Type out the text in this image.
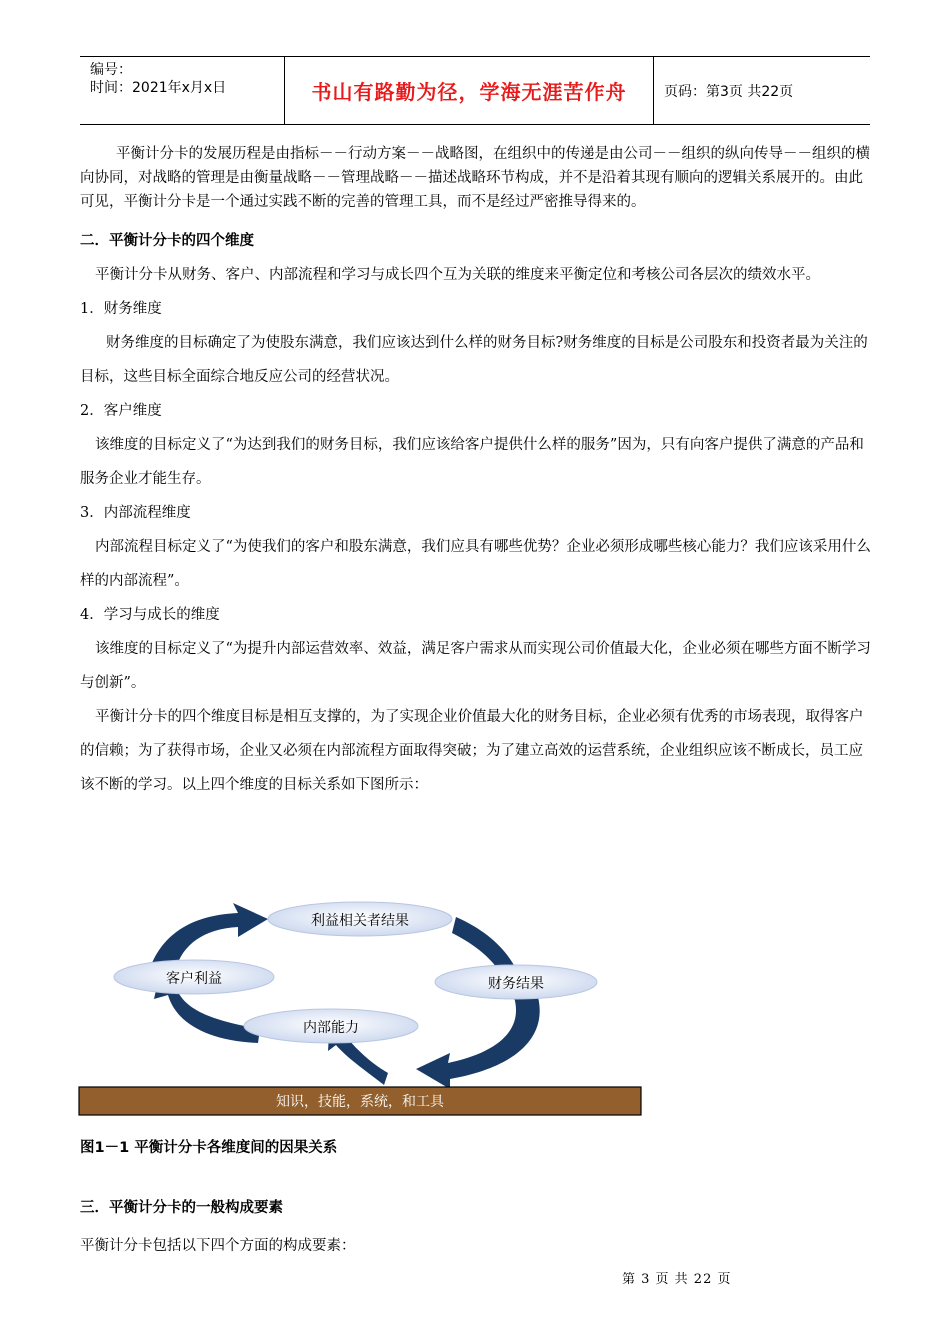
编号：
时间：2021年x月x日	书山有路勤为径，学海无涯苦作舟	页码：第3页 共22页

平衡计分卡的发展历程是由指标－－行动方案－－战略图，在组织中的传递是由公司－－组织的纵向传导－－组织的横向协同，对战略的管理是由衡量战略－－管理战略－－描述战略环节构成，并不是沿着其现有顺向的逻辑关系展开的。由此可见，平衡计分卡是一个通过实践不断的完善的管理工具，而不是经过严密推导得来的。

二．平衡计分卡的四个维度

平衡计分卡从财务、客户、内部流程和学习与成长四个互为关联的维度来平衡定位和考核公司各层次的绩效水平。

1．财务维度

财务维度的目标确定了为使股东满意，我们应该达到什么样的财务目标?财务维度的目标是公司股东和投资者最为关注的目标，这些目标全面综合地反应公司的经营状况。

2．客户维度

该维度的目标定义了“为达到我们的财务目标，我们应该给客户提供什么样的服务”因为，只有向客户提供了满意的产品和服务企业才能生存。

3．内部流程维度

内部流程目标定义了“为使我们的客户和股东满意，我们应具有哪些优势？企业必须形成哪些核心能力？我们应该采用什么样的内部流程”。

4．学习与成长的维度

该维度的目标定义了“为提升内部运营效率、效益，满足客户需求从而实现公司价值最大化，企业必须在哪些方面不断学习与创新”。

平衡计分卡的四个维度目标是相互支撑的，为了实现企业价值最大化的财务目标，企业必须有优秀的市场表现，取得客户的信赖；为了获得市场，企业又必须在内部流程方面取得突破；为了建立高效的运营系统，企业组织应该不断成长，员工应该不断的学习。以上四个维度的目标关系如下图所示：

利益相关者结果
客户利益	财务结果
内部能力
知识，技能，系统，和工具
图1－1 平衡计分卡各维度间的因果关系
三．平衡计分卡的一般构成要素
平衡计分卡包括以下四个方面的构成要素：
第 3 页 共 22 页
